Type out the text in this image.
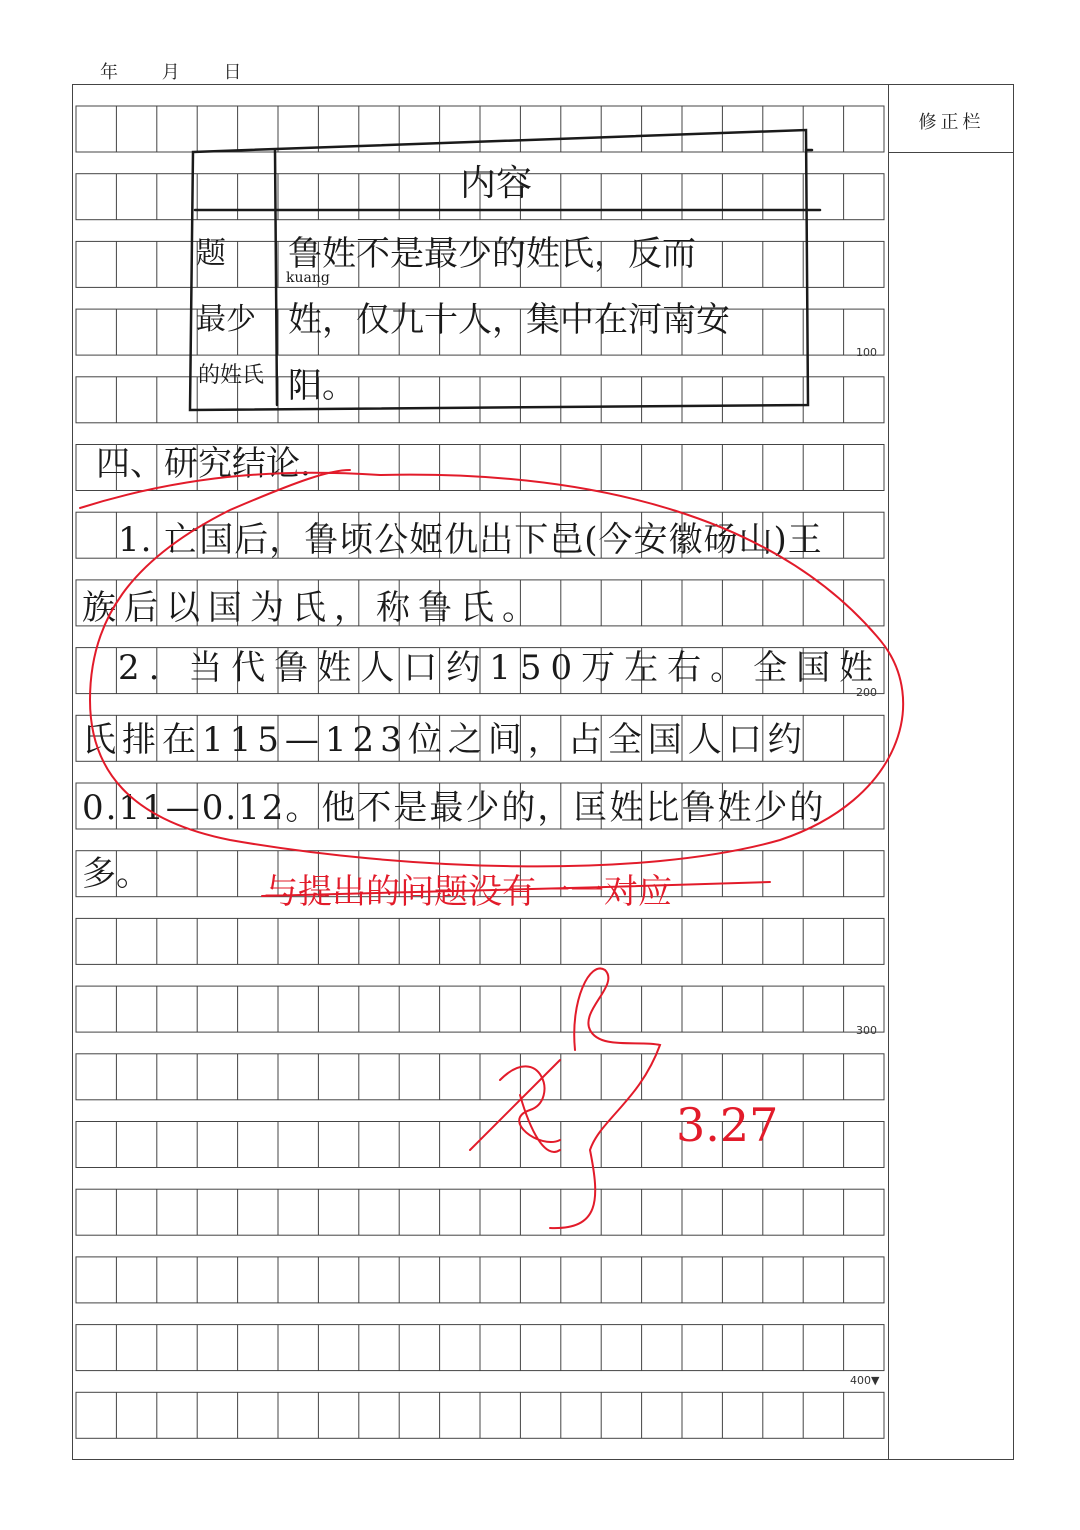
年 月 日
修正栏
100
200
300
400▼
内容
题 鲁姓不是最少的姓氏，反而
最少
kuang
姓，仅九十人，集中在河南安
的姓氏 阳。
四、研究结论.
1. 亡国后，鲁顷公姬仇出下邑(今安徽砀山)王
族后以国为氏，称鲁氏。
2. 当代鲁姓人口约150万左右。全国姓
氏排在115—123位之间，占全国人口约
0.11—0.12。他不是最少的，匡姓比鲁姓少的
多。	与提出的问题没有一一对应
3.27
